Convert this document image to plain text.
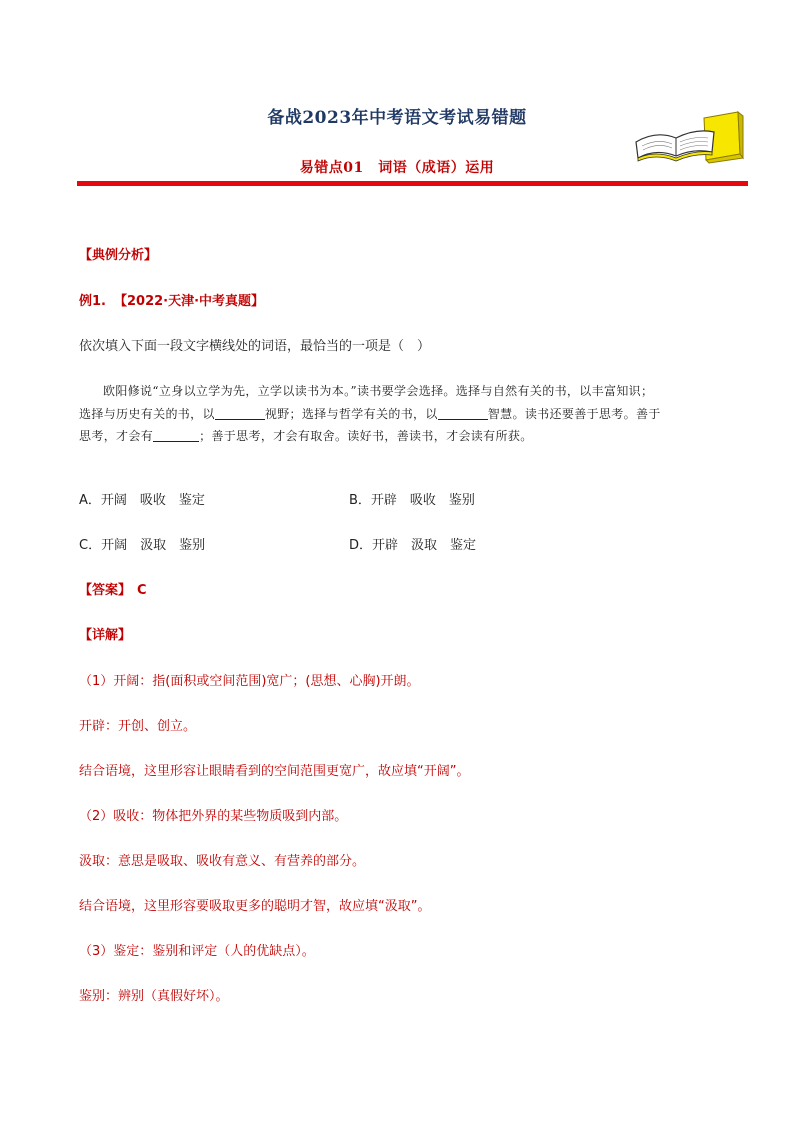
备战2023年中考语文考试易错题
易错点01　词语（成语）运用
【典例分析】
例1. 【2022·天津·中考真题】
依次填入下面一段文字横线处的词语，最恰当的一项是（　）
欧阳修说“立身以立学为先，立学以读书为本。”读书要学会选择。选择与自然有关的书，以丰富知识；
选择与历史有关的书，以	视野；选择与哲学有关的书，以	智慧。读书还要善于思考。善于
思考，才会有	；善于思考，才会有取舍。读好书，善读书，才会读有所获。
A．开阔　吸收　鉴定	B．开辟　吸收　鉴别
C．开阔　汲取　鉴别	D．开辟　汲取　鉴定
【答案】 C
【详解】
（1）开阔：指(面积或空间范围)宽广；(思想、心胸)开朗。
开辟：开创、创立。
结合语境，这里形容让眼睛看到的空间范围更宽广，故应填“开阔”。
（2）吸收：物体把外界的某些物质吸到内部。
汲取：意思是吸取、吸收有意义、有营养的部分。
结合语境，这里形容要吸取更多的聪明才智，故应填“汲取”。
（3）鉴定：鉴别和评定（人的优缺点）。
鉴别：辨别（真假好坏）。
